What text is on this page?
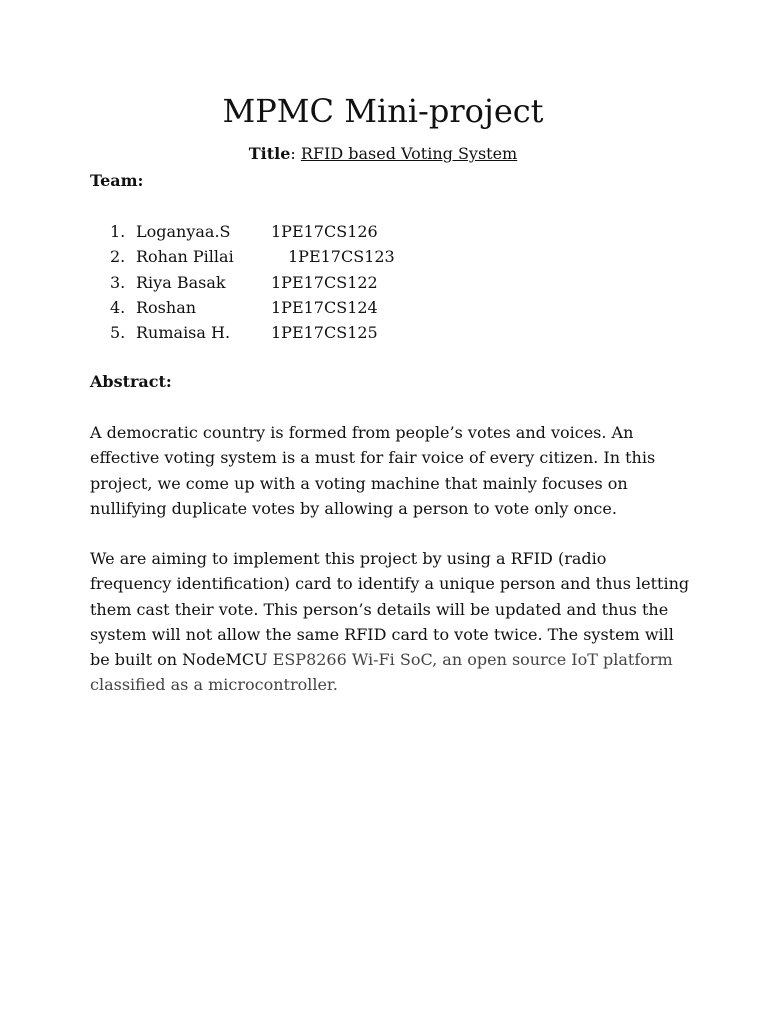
MPMC Mini-project

Title: RFID based Voting System

Team:
1. Loganyaa.S	1PE17CS126
2. Rohan Pillai	1PE17CS123
3. Riya Basak	1PE17CS122
4. Roshan	1PE17CS124
5. Rumaisa H.	1PE17CS125
Abstract:

A democratic country is formed from people’s votes and voices. An effective voting system is a must for fair voice of every citizen. In this project, we come up with a voting machine that mainly focuses on nullifying duplicate votes by allowing a person to vote only once.

We are aiming to implement this project by using a RFID (radio frequency identification) card to identify a unique person and thus letting them cast their vote. This person’s details will be updated and thus the system will not allow the same RFID card to vote twice. The system will be built on NodeMCU ESP8266 Wi-Fi SoC, an open source IoT platform classified as a microcontroller.
